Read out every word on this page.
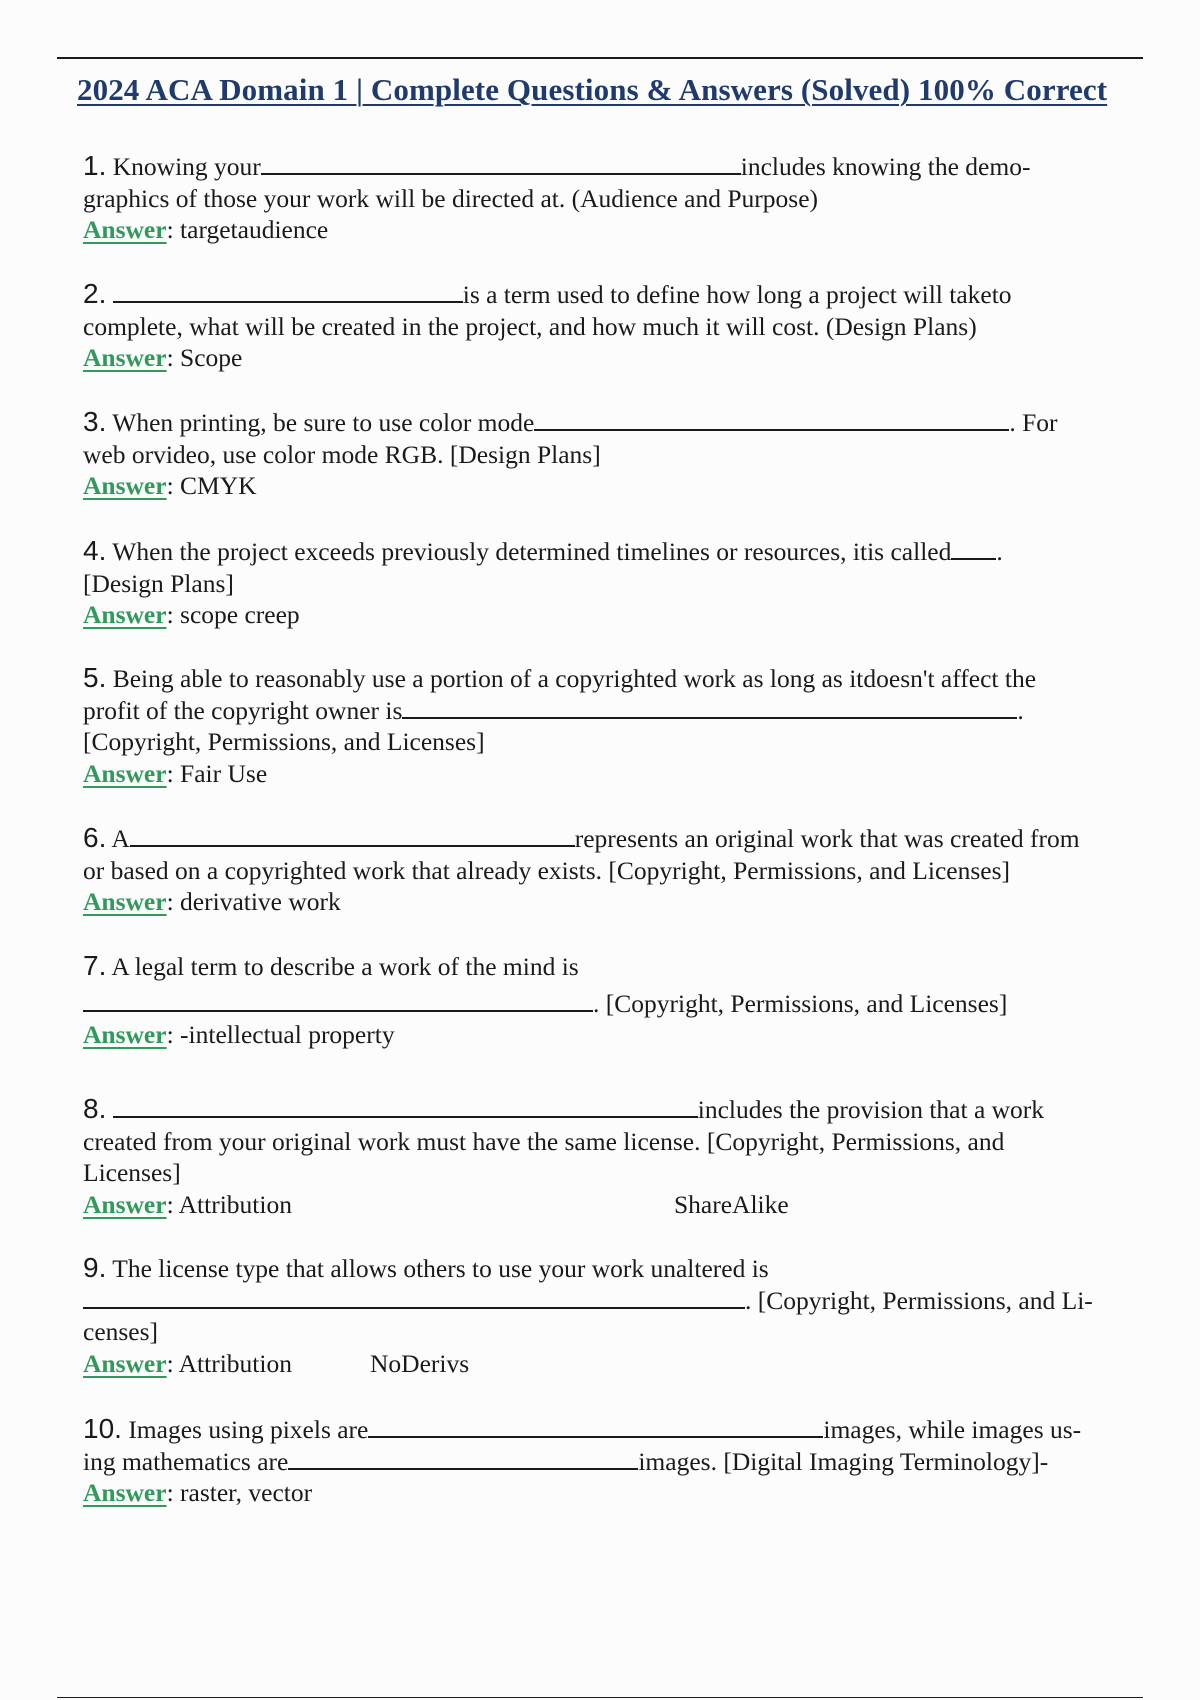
2024 ACA Domain 1 | Complete Questions & Answers (Solved) 100% Correct
1. Knowing your	includes knowing the demo-
graphics of those your work will be directed at. (Audience and Purpose)
Answer: targetaudience
2.	is a term used to define how long a project will taketo
complete, what will be created in the project, and how much it will cost. (Design Plans)
Answer: Scope
3. When printing, be sure to use color mode	. For
web orvideo, use color mode RGB. [Design Plans]
Answer: CMYK
4. When the project exceeds previously determined timelines or resources, itis called .
[Design Plans]
Answer: scope creep
5. Being able to reasonably use a portion of a copyrighted work as long as itdoesn't affect the
profit of the copyright owner is	.
[Copyright, Permissions, and Licenses]
Answer: Fair Use
6. A	represents an original work that was created from
or based on a copyrighted work that already exists. [Copyright, Permissions, and Licenses]
Answer: derivative work
7. A legal term to describe a work of the mind is
. [Copyright, Permissions, and Licenses]
Answer: -intellectual property
8.	includes the provision that a work
created from your original work must have the same license. [Copyright, Permissions, and
Licenses]
Answer: Attribution	ShareAlike
9. The license type that allows others to use your work unaltered is
. [Copyright, Permissions, and Li-
censes]
Answer: Attribution	NoDerivs
10. Images using pixels are	images, while images us-
ing mathematics are	images. [Digital Imaging Terminology]-
Answer: raster, vector
